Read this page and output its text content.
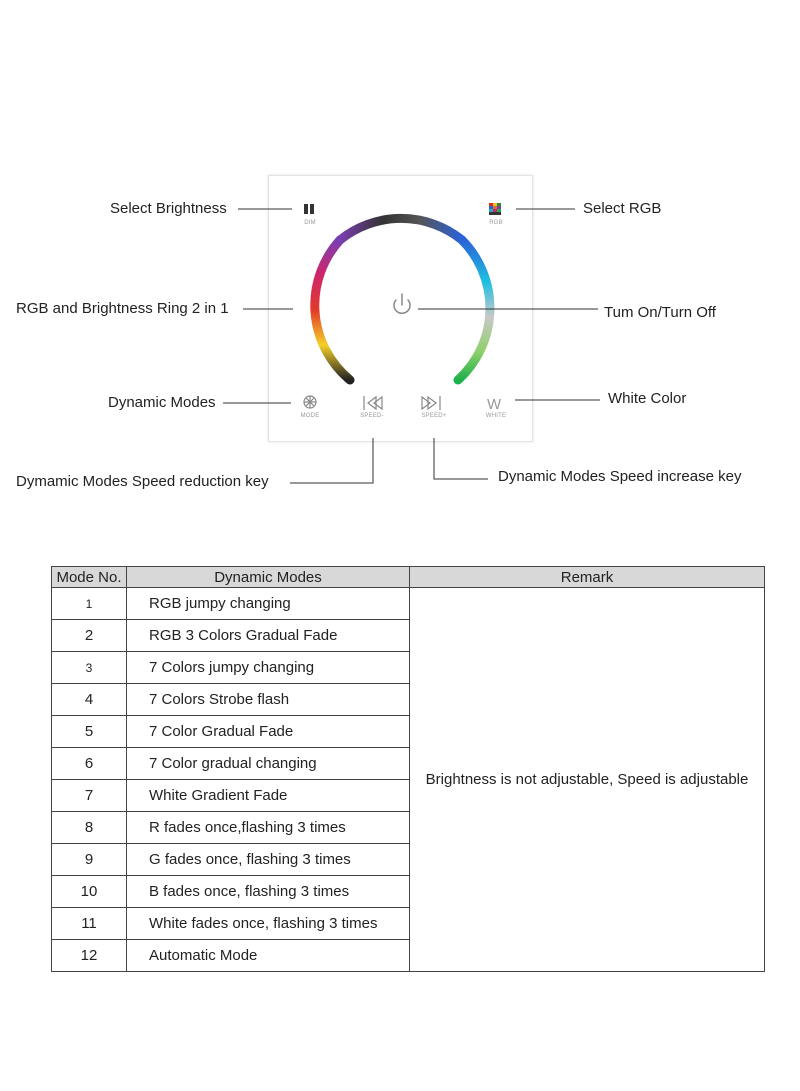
W
DIM	RGB
MODE	SPEED-	SPEED+	WHITE
Select Brightness	Select RGB
RGB and Brightness Ring 2 in 1	Tum On/Turn Off
Dynamic Modes	White Color
Dymamic Modes Speed reduction key	Dynamic Modes Speed increase key
Mode No.	Dynamic Modes	Remark
1	RGB jumpy changing	Brightness is not adjustable, Speed is adjustable
2	RGB 3 Colors Gradual Fade	

3	7 Colors jumpy changing	

4	7 Colors Strobe flash	

5	7 Color Gradual Fade	

6	7 Color gradual changing	

7	White Gradient Fade	

8	R fades once,flashing 3 times	

9	G fades once, flashing 3 times	

10	B fades once, flashing 3 times	

11	White fades once, flashing 3 times	

12	Automatic Mode	
